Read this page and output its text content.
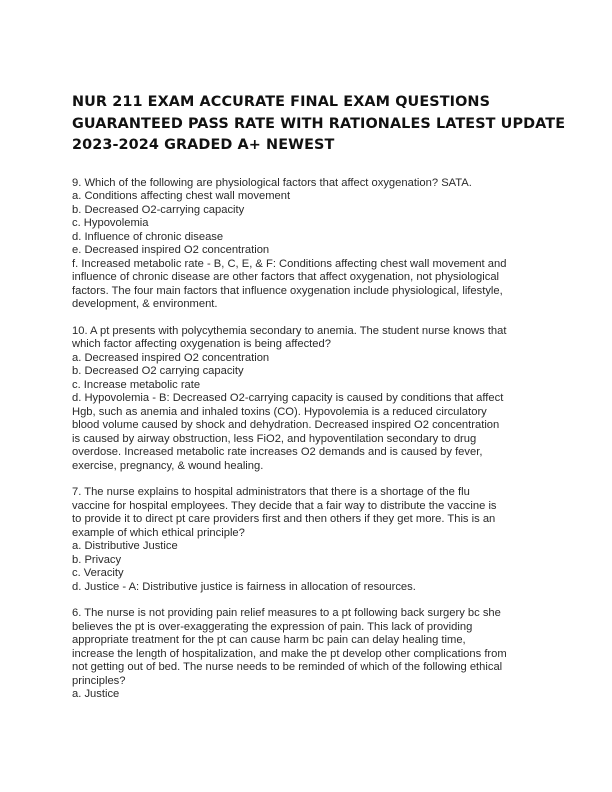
NUR 211 EXAM ACCURATE FINAL EXAM QUESTIONS
GUARANTEED PASS RATE WITH RATIONALES LATEST UPDATE
2023-2024 GRADED A+ NEWEST
9. Which of the following are physiological factors that affect oxygenation? SATA.
a. Conditions affecting chest wall movement
b. Decreased O2-carrying capacity
c. Hypovolemia
d. Influence of chronic disease
e. Decreased inspired O2 concentration
f. Increased metabolic rate - B, C, E, & F: Conditions affecting chest wall movement and
influence of chronic disease are other factors that affect oxygenation, not physiological
factors. The four main factors that influence oxygenation include physiological, lifestyle,
development, & environment.
10. A pt presents with polycythemia secondary to anemia. The student nurse knows that
which factor affecting oxygenation is being affected?
a. Decreased inspired O2 concentration
b. Decreased O2 carrying capacity
c. Increase metabolic rate
d. Hypovolemia - B: Decreased O2-carrying capacity is caused by conditions that affect
Hgb, such as anemia and inhaled toxins (CO). Hypovolemia is a reduced circulatory
blood volume caused by shock and dehydration. Decreased inspired O2 concentration
is caused by airway obstruction, less FiO2, and hypoventilation secondary to drug
overdose. Increased metabolic rate increases O2 demands and is caused by fever,
exercise, pregnancy, & wound healing.
7. The nurse explains to hospital administrators that there is a shortage of the flu
vaccine for hospital employees. They decide that a fair way to distribute the vaccine is
to provide it to direct pt care providers first and then others if they get more. This is an
example of which ethical principle?
a. Distributive Justice
b. Privacy
c. Veracity
d. Justice - A: Distributive justice is fairness in allocation of resources.
6. The nurse is not providing pain relief measures to a pt following back surgery bc she
believes the pt is over-exaggerating the expression of pain. This lack of providing
appropriate treatment for the pt can cause harm bc pain can delay healing time,
increase the length of hospitalization, and make the pt develop other complications from
not getting out of bed. The nurse needs to be reminded of which of the following ethical
principles?
a. Justice
